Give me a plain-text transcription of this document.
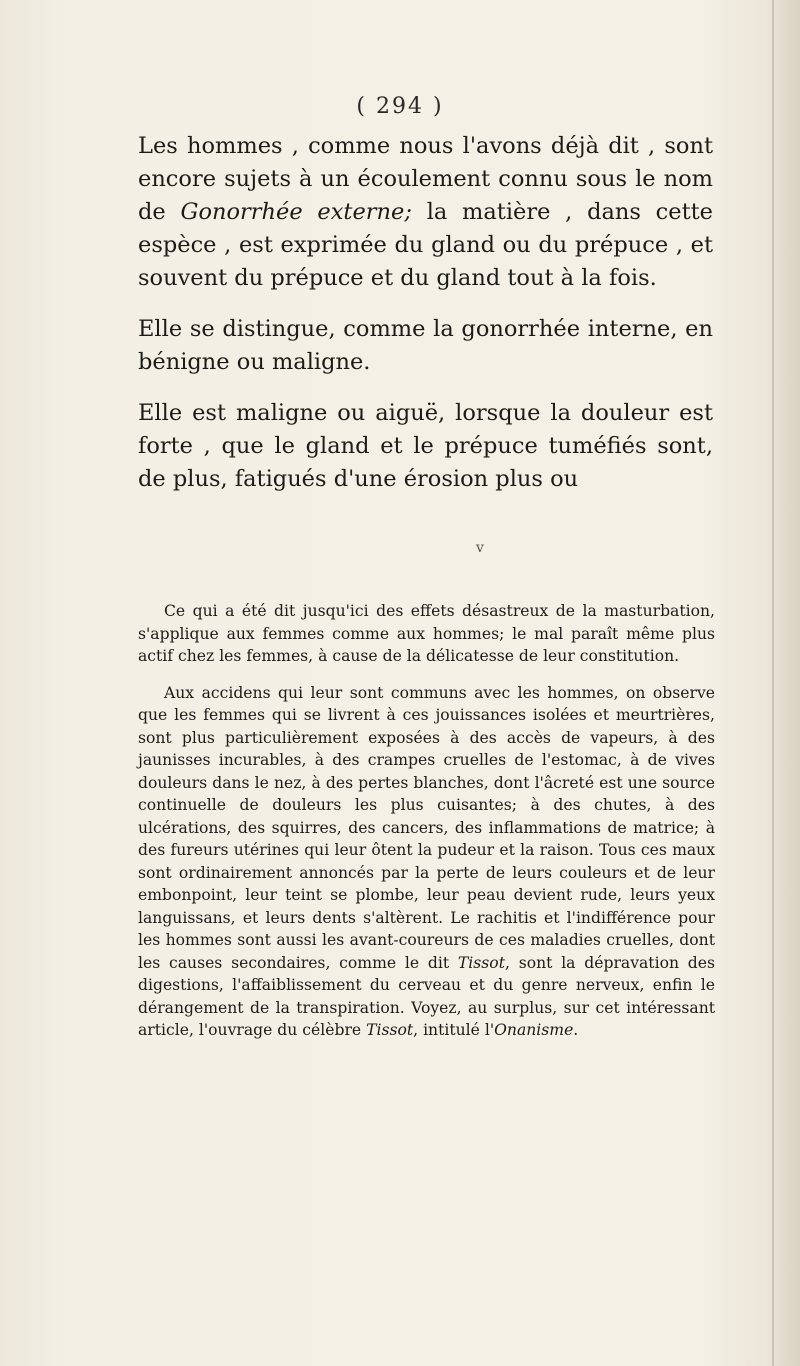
( 294 )

Les hommes , comme nous l'avons déjà dit , sont encore sujets à un écoulement connu sous le nom de Gonorrhée externe; la matière , dans cette espèce , est exprimée du gland ou du prépuce , et souvent du prépuce et du gland tout à la fois.

Elle se distingue, comme la gonorrhée interne, en bénigne ou maligne.

Elle est maligne ou aiguë, lorsque la douleur est forte , que le gland et le prépuce tuméfiés sont, de plus, fatigués d'une érosion plus ou

v

Ce qui a été dit jusqu'ici des effets désastreux de la masturbation, s'applique aux femmes comme aux hommes; le mal paraît même plus actif chez les femmes, à cause de la délicatesse de leur constitution.

Aux accidens qui leur sont communs avec les hommes, on observe que les femmes qui se livrent à ces jouissances isolées et meurtrières, sont plus particulièrement exposées à des accès de vapeurs, à des jaunisses incurables, à des crampes cruelles de l'estomac, à de vives douleurs dans le nez, à des pertes blanches, dont l'âcreté est une source continuelle de douleurs les plus cuisantes; à des chutes, à des ulcérations, des squirres, des cancers, des inflammations de matrice; à des fureurs utérines qui leur ôtent la pudeur et la raison. Tous ces maux sont ordinairement annoncés par la perte de leurs couleurs et de leur embonpoint, leur teint se plombe, leur peau devient rude, leurs yeux languissans, et leurs dents s'altèrent. Le rachitis et l'indifférence pour les hommes sont aussi les avant-coureurs de ces maladies cruelles, dont les causes secondaires, comme le dit Tissot, sont la dépravation des digestions, l'affaiblissement du cerveau et du genre nerveux, enfin le dérangement de la transpiration. Voyez, au surplus, sur cet intéressant article, l'ouvrage du célèbre Tissot, intitulé l'Onanisme.
